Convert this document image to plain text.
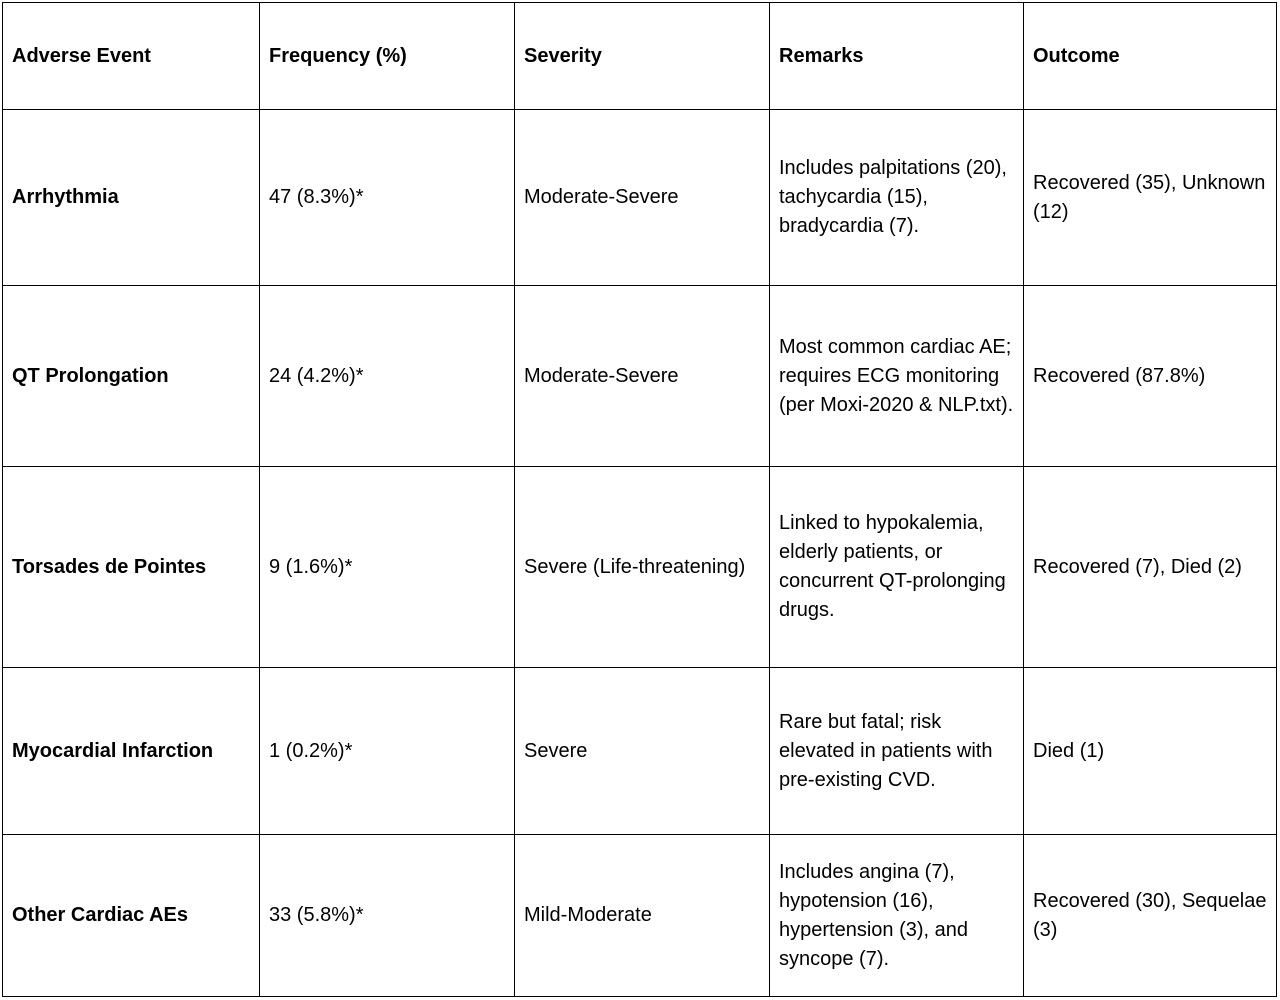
Adverse Event	Frequency (%)	Severity	Remarks	Outcome
Arrhythmia	47 (8.3%)*	Moderate-Severe	Includes palpitations (20), tachycardia (15), bradycardia (7).	Recovered (35), Unknown (12)
QT Prolongation	24 (4.2%)*	Moderate-Severe	Most common cardiac AE; requires ECG monitoring (per Moxi-2020 & NLP.txt).	Recovered (87.8%)
Torsades de Pointes	9 (1.6%)*	Severe (Life-threatening)	Linked to hypokalemia, elderly patients, or concurrent QT-prolonging drugs.	Recovered (7), Died (2)
Myocardial Infarction	1 (0.2%)*	Severe	Rare but fatal; risk elevated in patients with pre-existing CVD.	Died (1)
Other Cardiac AEs	33 (5.8%)*	Mild-Moderate	Includes angina (7), hypotension (16), hypertension (3), and syncope (7).	Recovered (30), Sequelae (3)
